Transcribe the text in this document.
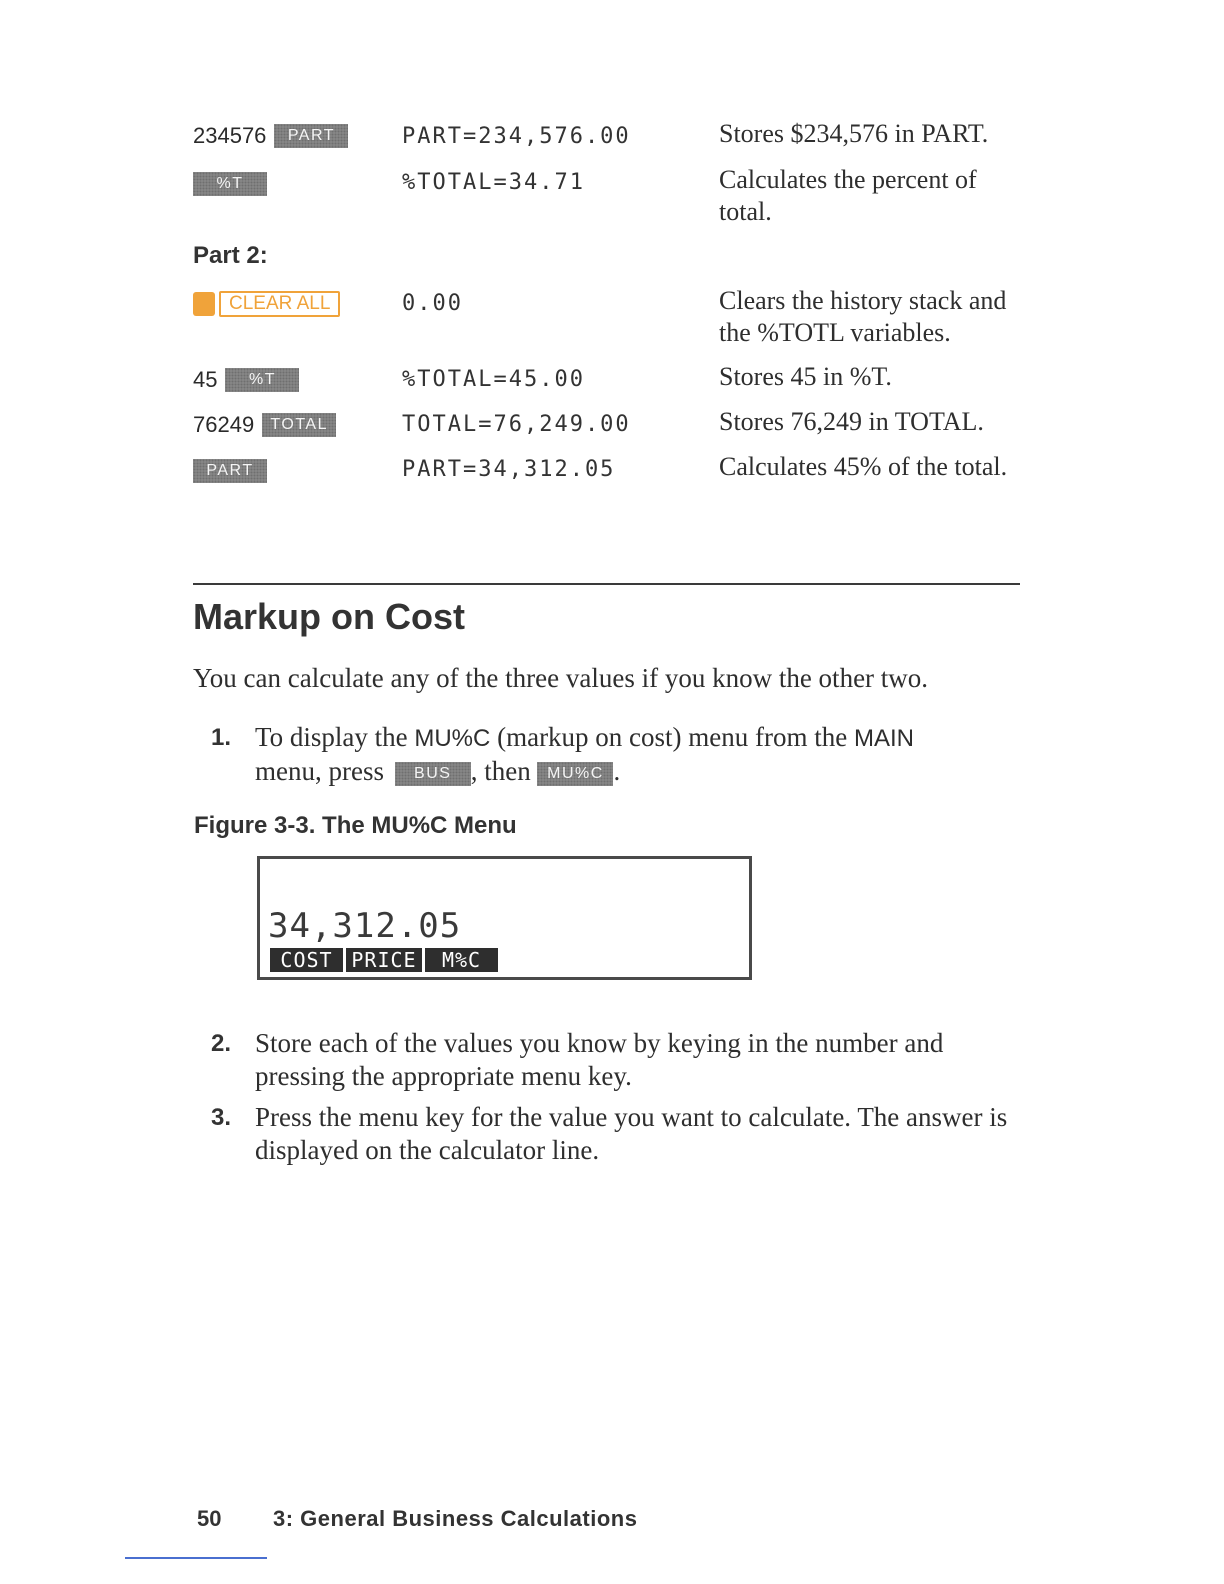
234576 PART	PART=234,576.00	Stores $234,576 in PART.
%T	%TOTAL=34.71	Calculates the percent of total.
Part 2:
CLEAR ALL	0.00	Clears the history stack and the %TOTL variables.
45 %T	%TOTAL=45.00	Stores 45 in %T.
76249 TOTAL	TOTAL=76,249.00	Stores 76,249 in TOTAL.
PART	PART=34,312.05	Calculates 45% of the total.
Markup on Cost
You can calculate any of the three values if you know the other two.
1. To display the MU%C (markup on cost) menu from the MAIN
menu, press BUS , then MU%C .
Figure 3-3. The MU%C Menu
34,312.05
COST PRICE	M%C
2. Store each of the values you know by keying in the number and pressing the appropriate menu key.
3. Press the menu key for the value you want to calculate. The answer is displayed on the calculator line.
50 3: General Business Calculations
